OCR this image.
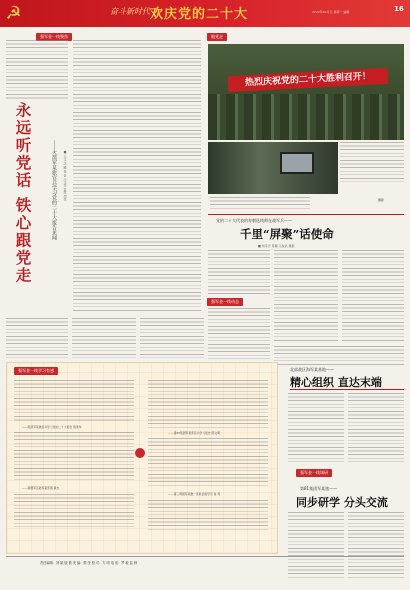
☭	奋斗新时代 欢庆党的二十大	2022年10月日 星期一 编辑	16
强军金一线聚焦
永远听党话 铁心跟党走	——火箭军某旅官兵学习党的二十大报告见闻 ■ 王文 沈 曦 杨 伍 冷文军 孟辉 胡亮
眼党走
热烈庆祝党的二十大胜利召开！
摄影
党的二十大代表的寿朝选线师在战军兵——
千里“屏聚”话使命
■ 刘景忠 陈鹏 马俊武 摄影
强军金一线动态
强军金一线学习有感
——陈颂军某旅官兵学习党的二十大报告 陈颂华
——新疆军区陆军某部团 黄杰
——第93集团军某部官兵学习报告 陈文明
——第三师团军某旅一连政治指导员 常 英
北部战区海军某基地——
精心组织 直达末端
强军金一线调研
第81集团军某旅——
同步研学 分头交流
责任编辑：刘 斌 版 插 美 编：鹤 莹 校 对：方 明 电 话：罗 敏 监 制
